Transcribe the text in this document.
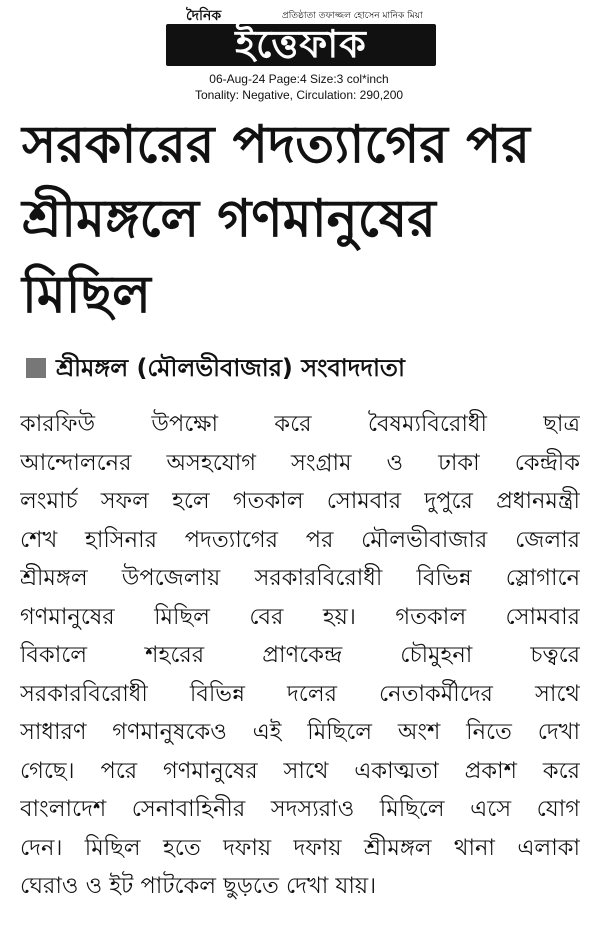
দৈনিক	প্রতিষ্ঠাতা তফাজ্জল হোসেন মানিক মিয়া
ইত্তেফাক
06-Aug-24 Page:4 Size:3 col*inch
Tonality: Negative, Circulation: 290,200
সরকারের পদত্যাগের পর
শ্রীমঙ্গলে গণমানুষের
মিছিল
শ্রীমঙ্গল (মৌলভীবাজার) সংবাদদাতা
কারফিউ উপক্ষো করে বৈষম্যবিরোধী ছাত্র
আন্দোলনের অসহযোগ সংগ্রাম ও ঢাকা কেন্দ্রীক
লংমার্চ সফল হলে গতকাল সোমবার দুপুরে প্রধানমন্ত্রী
শেখ হাসিনার পদত্যাগের পর মৌলভীবাজার জেলার
শ্রীমঙ্গল উপজেলায় সরকারবিরোধী বিভিন্ন স্লোগানে
গণমানুষের মিছিল বের হয়। গতকাল সোমবার
বিকালে শহরের প্রাণকেন্দ্র চৌমুহনা চত্বরে
সরকারবিরোধী বিভিন্ন দলের নেতাকর্মীদের সাথে
সাধারণ গণমানুষকেও এই মিছিলে অংশ নিতে দেখা
গেছে। পরে গণমানুষের সাথে একাত্মতা প্রকাশ করে
বাংলাদেশ সেনাবাহিনীর সদস্যরাও মিছিলে এসে যোগ
দেন। মিছিল হতে দফায় দফায় শ্রীমঙ্গল থানা এলাকা
ঘেরাও ও ইট পাটকেল ছুড়তে দেখা যায়।
